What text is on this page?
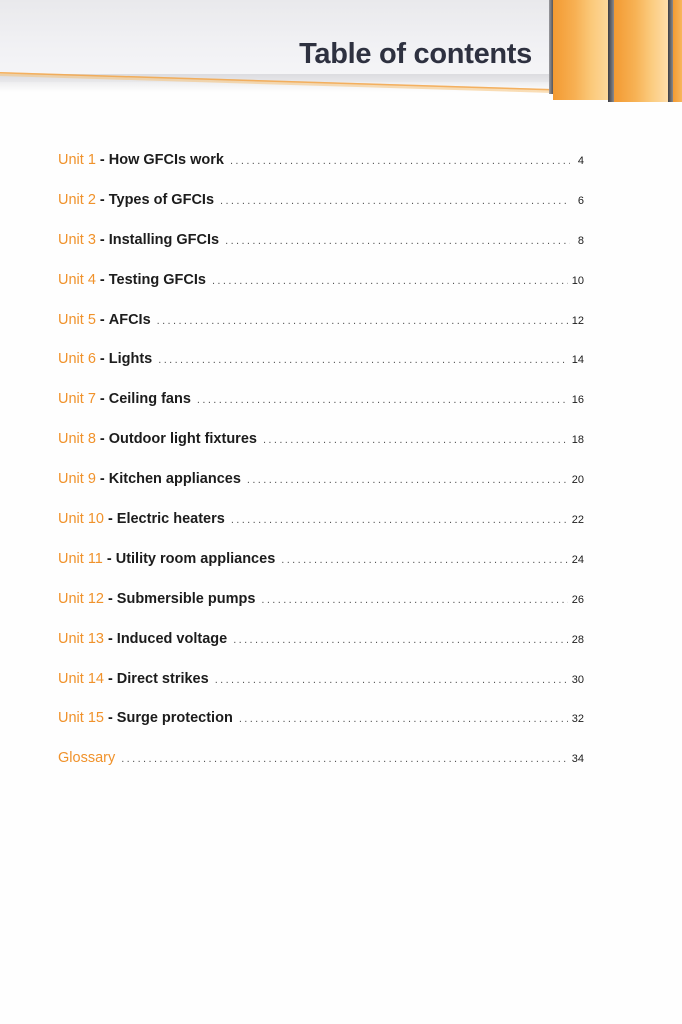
Table of contents
Unit 1 - How GFCIs work .....	4
Unit 2 - Types of GFCIs .....	6
Unit 3 - Installing GFCIs .....	8
Unit 4 - Testing GFCIs .....	10
Unit 5 - AFCIs .....	12
Unit 6 - Lights .....	14
Unit 7 - Ceiling fans .....	16
Unit 8 - Outdoor light fixtures .....	18
Unit 9 - Kitchen appliances .....	20
Unit 10 - Electric heaters .....	22
Unit 11 - Utility room appliances .....	24
Unit 12 - Submersible pumps .....	26
Unit 13 - Induced voltage .....	28
Unit 14 - Direct strikes .....	30
Unit 15 - Surge protection .....	32
Glossary .....	34
